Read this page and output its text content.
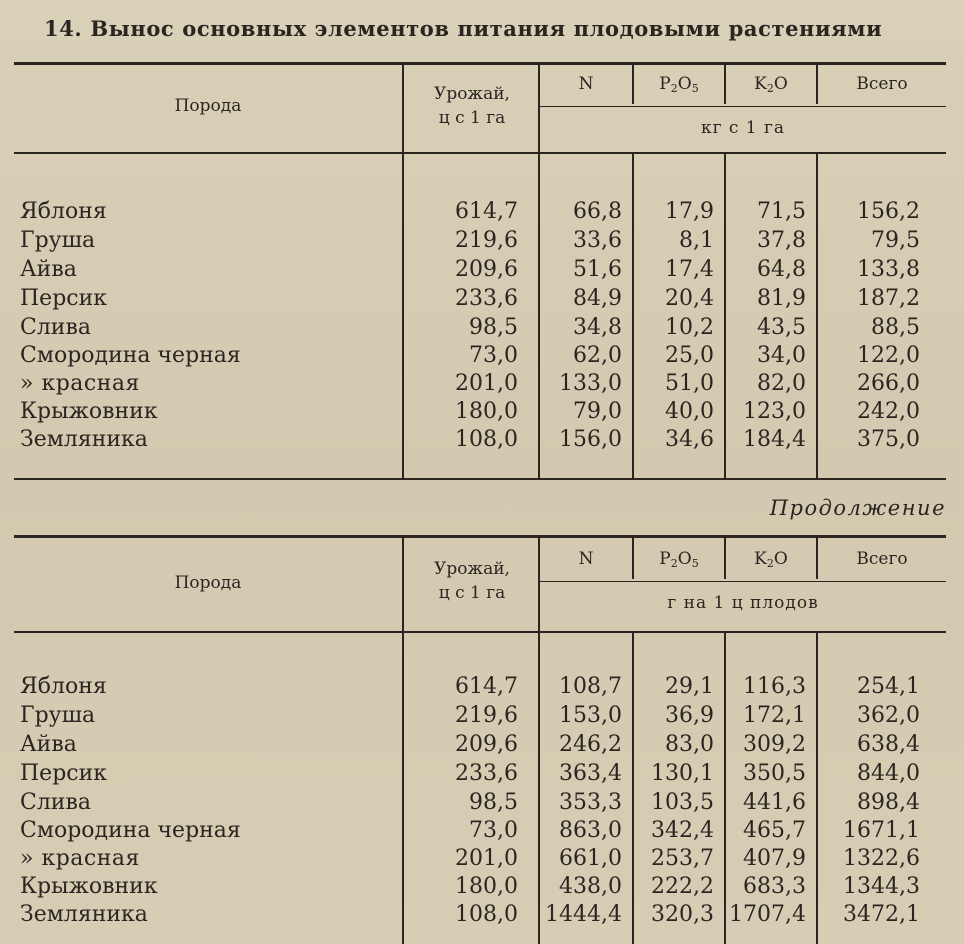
14. Вынос основных элементов питания плодовыми растениями
Порода
Урожай,
ц с 1 га
N	$P_2O_5$	$K_2O$	Всего
кг с 1 га
Яблоня	614,7	66,8 17,9 71,5 156,2
Груша	219,6	33,6	8,1 37,8	79,5
Айва	209,6	51,6 17,4 64,8 133,8
Персик	233,6	84,9 20,4 81,9 187,2
Слива	98,5	34,8 10,2 43,5	88,5
Смородина черная	73,0	62,0 25,0 34,0 122,0
» красная	201,0 133,0 51,0 82,0 266,0
Крыжовник	180,0	79,0 40,0 123,0 242,0
Земляника	108,0 156,0 34,6 184,4 375,0
Продолжение
Порода
Урожай,
ц с 1 га
N	$P_2O_5$	$K_2O$	Всего
г на 1 ц плодов
Яблоня	614,7 108,7 29,1 116,3 254,1
Груша	219,6 153,0 36,9 172,1 362,0
Айва	209,6 246,2 83,0 309,2 638,4
Персик	233,6 363,4 130,1 350,5 844,0
Слива	98,5 353,3 103,5 441,6 898,4
Смородина черная	73,0 863,0 342,4 465,7 1671,1
» красная	201,0 661,0 253,7 407,9 1322,6
Крыжовник	180,0 438,0 222,2 683,3 1344,3
Земляника	108,0 1444,4 320,3 1707,4 3472,1
